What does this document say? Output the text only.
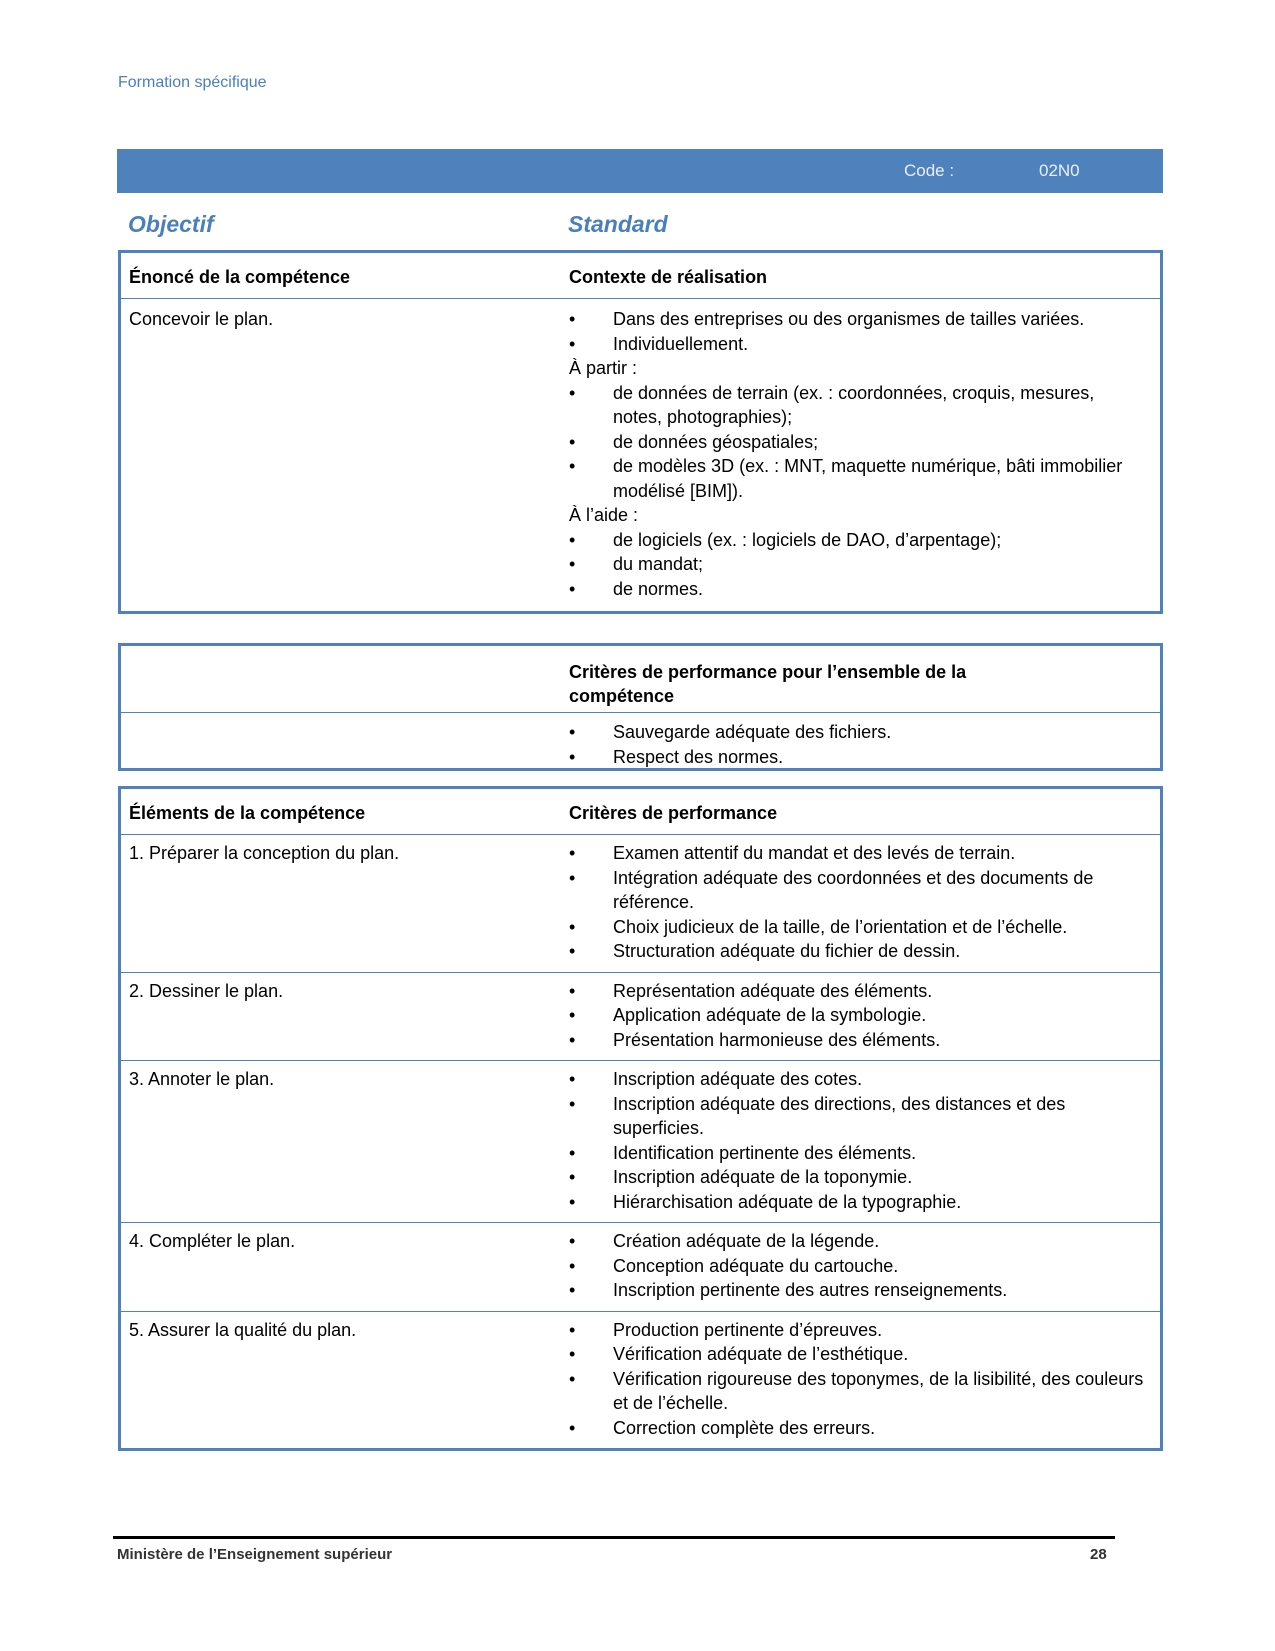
Formation spécifique
Code :	02N0
Objectif	Standard
Énoncé de la compétence	Contexte de réalisation
Concevoir le plan.	• Dans des entreprises ou des organismes de tailles variées.
• Individuellement.
À partir :
• de données de terrain (ex. : coordonnées, croquis, mesures, notes, photographies);
• de données géospatiales;
• de modèles 3D (ex. : MNT, maquette numérique, bâti immobilier modélisé [BIM]).
À l’aide :
• de logiciels (ex. : logiciels de DAO, d’arpentage);
• du mandat;
• de normes.
Critères de performance pour l’ensemble de la compétence
• Sauvegarde adéquate des fichiers.
• Respect des normes.
Éléments de la compétence	Critères de performance
1. Préparer la conception du plan.	• Examen attentif du mandat et des levés de terrain.
• Intégration adéquate des coordonnées et des documents de référence.
• Choix judicieux de la taille, de l’orientation et de l’échelle.
• Structuration adéquate du fichier de dessin.
2. Dessiner le plan.	• Représentation adéquate des éléments.
• Application adéquate de la symbologie.
• Présentation harmonieuse des éléments.
3. Annoter le plan.	• Inscription adéquate des cotes.
• Inscription adéquate des directions, des distances et des superficies.
• Identification pertinente des éléments.
• Inscription adéquate de la toponymie.
• Hiérarchisation adéquate de la typographie.
4. Compléter le plan.	• Création adéquate de la légende.
• Conception adéquate du cartouche.
• Inscription pertinente des autres renseignements.
5. Assurer la qualité du plan.	• Production pertinente d’épreuves.
• Vérification adéquate de l’esthétique.
• Vérification rigoureuse des toponymes, de la lisibilité, des couleurs et de l’échelle.
• Correction complète des erreurs.
Ministère de l’Enseignement supérieur	28
